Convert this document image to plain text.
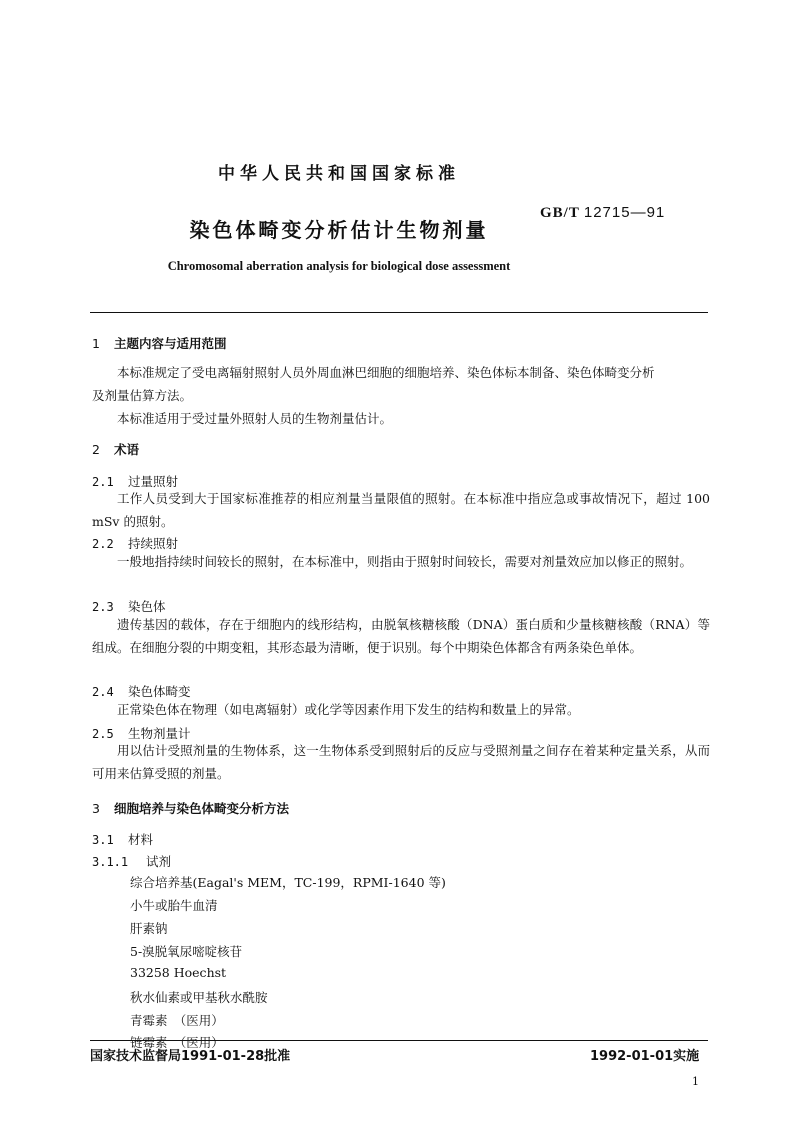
中华人民共和国国家标准
染色体畸变分析估计生物剂量
GB/T 12715—91
Chromosomal aberration analysis for biological dose assessment
1 主题内容与适用范围
本标准规定了受电离辐射照射人员外周血淋巴细胞的细胞培养、染色体标本制备、染色体畸变分析
及剂量估算方法。
本标准适用于受过量外照射人员的生物剂量估计。
2 术语
2.1 过量照射
工作人员受到大于国家标准推荐的相应剂量当量限值的照射。在本标准中指应急或事故情况下，超过 100 mSv 的照射。
2.2 持续照射
一般地指持续时间较长的照射，在本标准中，则指由于照射时间较长，需要对剂量效应加以修正的照射。
2.3 染色体
遗传基因的载体，存在于细胞内的线形结构，由脱氧核糖核酸（DNA）蛋白质和少量核糖核酸（RNA）等组成。在细胞分裂的中期变粗，其形态最为清晰，便于识别。每个中期染色体都含有两条染色单体。
2.4 染色体畸变
正常染色体在物理（如电离辐射）或化学等因素作用下发生的结构和数量上的异常。
2.5 生物剂量计
用以估计受照剂量的生物体系，这一生物体系受到照射后的反应与受照剂量之间存在着某种定量关系，从而可用来估算受照的剂量。
3 细胞培养与染色体畸变分析方法
3.1 材料
3.1.1 试剂
综合培养基(Eagal's MEM，TC-199，RPMI-1640 等)
小牛或胎牛血清
肝素钠
5-溴脱氧尿嘧啶核苷
33258 Hoechst
秋水仙素或甲基秋水酰胺
青霉素　（医用）
链霉素　（医用）
国家技术监督局1991-01-28批准	1992-01-01实施
1
